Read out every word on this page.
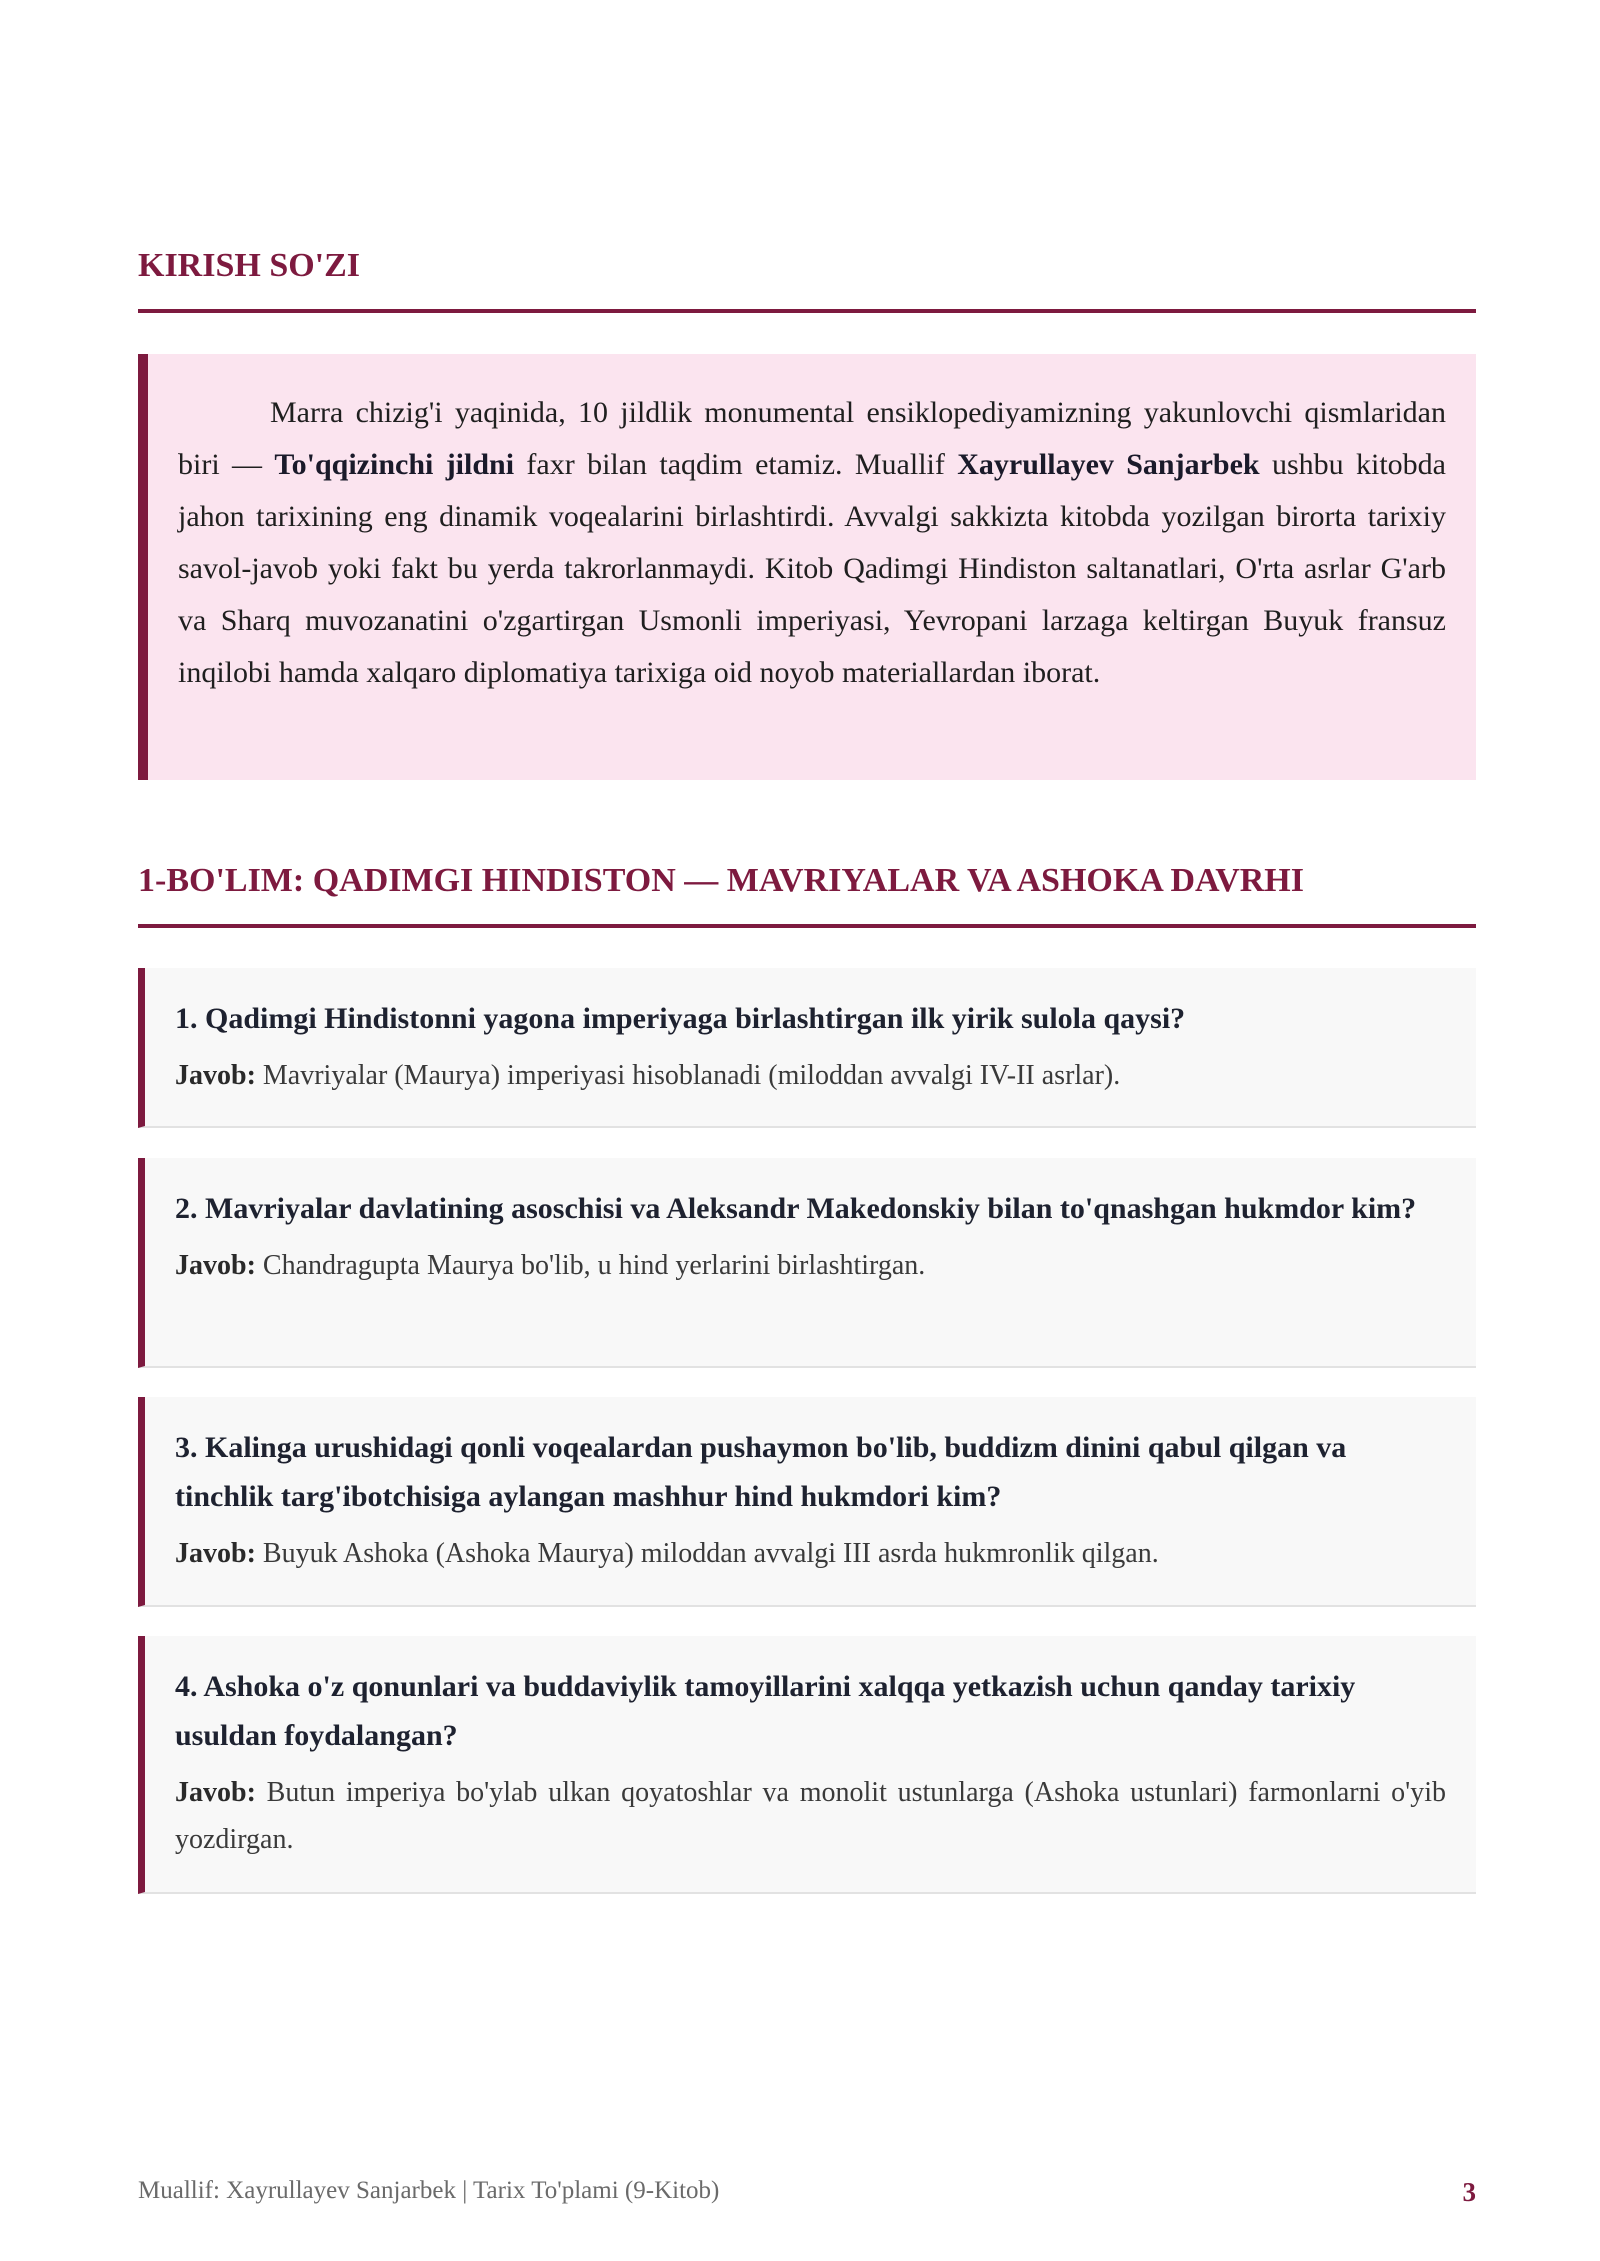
KIRISH SO'ZI

Marra chizig'i yaqinida, 10 jildlik monumental ensiklopediyamizning yakunlovchi qismlaridan biri — To'qqizinchi jildni faxr bilan taqdim etamiz. Muallif Xayrullayev Sanjarbek ushbu kitobda jahon tarixining eng dinamik voqealarini birlashtirdi. Avvalgi sakkizta kitobda yozilgan birorta tarixiy savol-javob yoki fakt bu yerda takrorlanmaydi. Kitob Qadimgi Hindiston saltanatlari, O'rta asrlar G'arb va Sharq muvozanatini o'zgartirgan Usmonli imperiyasi, Yevropani larzaga keltirgan Buyuk fransuz inqilobi hamda xalqaro diplomatiya tarixiga oid noyob materiallardan iborat.

1-BO'LIM: QADIMGI HINDISTON — MAVRIYALAR VA ASHOKA DAVRHI

1. Qadimgi Hindistonni yagona imperiyaga birlashtirgan ilk yirik sulola qaysi?

Javob: Mavriyalar (Maurya) imperiyasi hisoblanadi (miloddan avvalgi IV-II asrlar).

2. Mavriyalar davlatining asoschisi va Aleksandr Makedonskiy bilan to'qnashgan hukmdor kim?

Javob: Chandragupta Maurya bo'lib, u hind yerlarini birlashtirgan.

3. Kalinga urushidagi qonli voqealardan pushaymon bo'lib, buddizm dinini qabul qilgan va tinchlik targ'ibotchisiga aylangan mashhur hind hukmdori kim?

Javob: Buyuk Ashoka (Ashoka Maurya) miloddan avvalgi III asrda hukmronlik qilgan.

4. Ashoka o'z qonunlari va buddaviylik tamoyillarini xalqqa yetkazish uchun qanday tarixiy usuldan foydalangan?

Javob: Butun imperiya bo'ylab ulkan qoyatoshlar va monolit ustunlarga (Ashoka ustunlari) farmonlarni o'yib yozdirgan.

Muallif: Xayrullayev Sanjarbek | Tarix To'plami (9-Kitob)	3
